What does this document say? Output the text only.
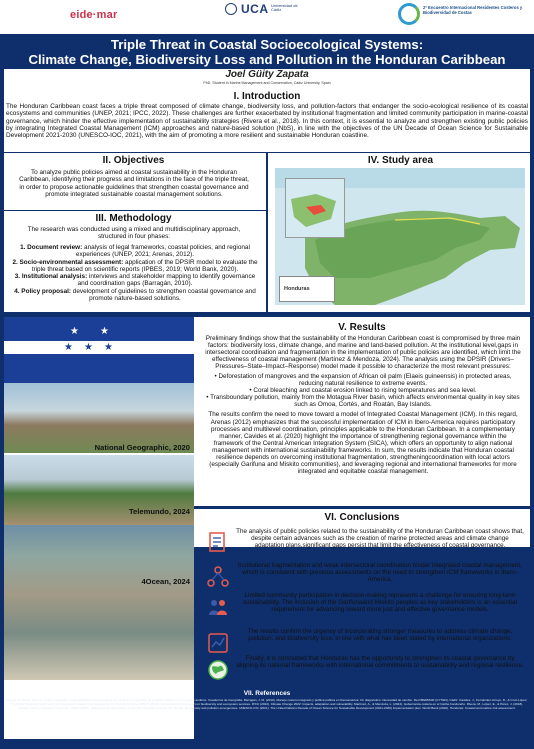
eide·mar	UCA Universidad de Cádiz	2º Encuentro Internacional Residentes Costeros y Biodiversidad de Costas
Triple Threat in Coastal Socioecological Systems:
Climate Change, Biodiversity Loss and Pollution in the Honduran Caribbean
Joel Güity Zapata
PhD. Student in Marine Management and Conservation, Cádiz University, Spain
I. Introduction
The Honduran Caribbean coast faces a triple threat composed of climate change, biodiversity loss, and pollution-factors that endanger the socio-ecological resilience of its coastal ecosystems and communities (UNEP, 2021; IPCC, 2022). These challenges are further exacerbated by institutional fragmentation and limited community participation in marine-coastal governance, which hinder the effective implementation of sustainability strategies (Rivera et al., 2018). In this context, it is essential to analyze and strengthen existing public policies by integrating Integrated Coastal Management (ICM) approaches and nature-based solution (NbS), in line with the objectives of the UN Decade of Ocean Science for Sustainable Development 2021-2030 (UNESCO-IOC, 2021), with the aim of promoting a more resilient and sustainable Honduran coastline.
II. Objectives
To analyze public policies aimed at coastal sustainability in the Honduran Caribbean, identifying their progress and limitations in the face of the triple threat, in order to propose actionable guidelines that strengthen coastal governance and promote integrated sustainable coastal management solutions.
III. Methodology
The research was conducted using a mixed and multidisciplinary approach, structured in four phases:
1. Document review: analysis of legal frameworks, coastal policies, and regional experiences (UNEP, 2021; Arenas, 2012).
2. Socio-environmental assessment: application of the DPSIR model to evaluate the triple threat based on scientific reports (IPBES, 2019; World Bank, 2020).
3. Institutional analysis: interviews and stakeholder mapping to identify governance and coordination gaps (Barragán, 2010).
4. Policy proposal: development of guidelines to strengthen coastal governance and promote nature-based solutions.
IV. Study area
Honduras
★ ★ ★
★ ★
National Geographic, 2020
Telemundo, 2024
4Ocean, 2024
V. Results

Preliminary findings show that the sustainability of the Honduran Caribbean coast is compromised by three main factors: biodiversity loss, climate change, and marine and land-based pollution. At the institutional level,gaps in intersectoral coordination and fragmentation in the implementation of public policies are identified, which limit the effectiveness of coastal management (Martínez & Mendoza, 2024). The analysis using the DPSIR (Drivers–Pressures–State–Impact–Response) model made it possible to characterize the most relevant pressures:

• Deforestation of mangroves and the expansion of African oil palm (Elaeis guineensis) in protected areas, reducing natural resilience to extreme events.
• Coral bleaching and coastal erosion linked to rising temperatures and sea level.

• Transboundary pollution, mainly from the Motagua River basin, which affects environmental quality in key sites such as Omoa, Cortés, and Roatán, Bay Islands.

The results confirm the need to move toward a model of Integrated Coastal Management (ICM). In this regard, Arenas (2012) emphasizes that the successful implementation of ICM in Ibero-America requires participatory processes and multilevel coordination, principles applicable to the Honduran Caribbean. In a complementary manner, Cavides et al. (2020) highlight the importance of strengthening regional governance within the framework of the Central American Integration System (SICA), which offers an opportunity to align national management with international sustainability frameworks. In sum, the results indicate that Honduran coastal resilience depends on overcoming institutional fragmentation, strengtheningcoordination with local actors (especially Garifuna and Miskito communities), and leveraging regional and international frameworks for more integrated and equitable coastal management.

VI. Conclusions
The analysis of public policies related to the sustainability of the Honduran Caribbean coast shows that, despite certain advances such as the creation of marine protected areas and climate change adaptation plans,significant gaps persist that limit the effectiveness of coastal governance.
Institutional fragmentation and weak intersectoral coordination hinder integrated coastal management, which is consistent with previous assessments on the need to strengthen ICM frameworks in Ibero-America.
Limited community participation in decision-making represents a challenge for ensuring long-term sustainability. The inclusion of the Garifunaand Miskito peoples as key stakeholders is an essential requirement for advancing toward more just and effective governance models.
The results confirm the urgency of incorporating stronger measures to address climate change, pollution, and biodiversity loss, in line with what has been stated by international organizations.
Finally, it is concluded that Honduras has the opportunity to strengthen its coastal governance by aligning its national frameworks with international commitments to sustainability and regional resilience.
VII. References
Arenas, P. (2012). Manejo costero integrado y sostenibilidad en Iberoamérica: Un análisis comparativo de políticas públicas en los países andinos. Cuadernos de Geografía. Barragán, J. M. (2010). Manejo costero integrado y política pública en Iberoamérica: Un diagnóstico. Necesidad de cambio. Red IBERMAR (CYTED), Cádiz. Cavides, J., Fernández-Arroyo, R., & Cruz-López, O. (2020). Regional public policy for integrated coastal zone management in Central America. IPBES (2019). Global assessment report on biodiversity and ecosystem services. IPCC (2022). Climate Change 2022: Impacts, adaptation and vulnerability. Martínez, A., & Mendoza, L. (2024). Gobernanza costera en el Caribe hondureño. Rivera, M., López, E., & Pérez, J. (2018). Gestión marino-costera en Honduras. UNEP (2021). Making peace with nature: A scientific blueprint to tackle the climate, biodiversity and pollution emergencies. UNESCO-IOC (2021). The United Nations Decade of Ocean Science for Sustainable Development (2021-2030) Implementation plan. World Bank (2020). Honduras: Coastal and marine risk assessment.
